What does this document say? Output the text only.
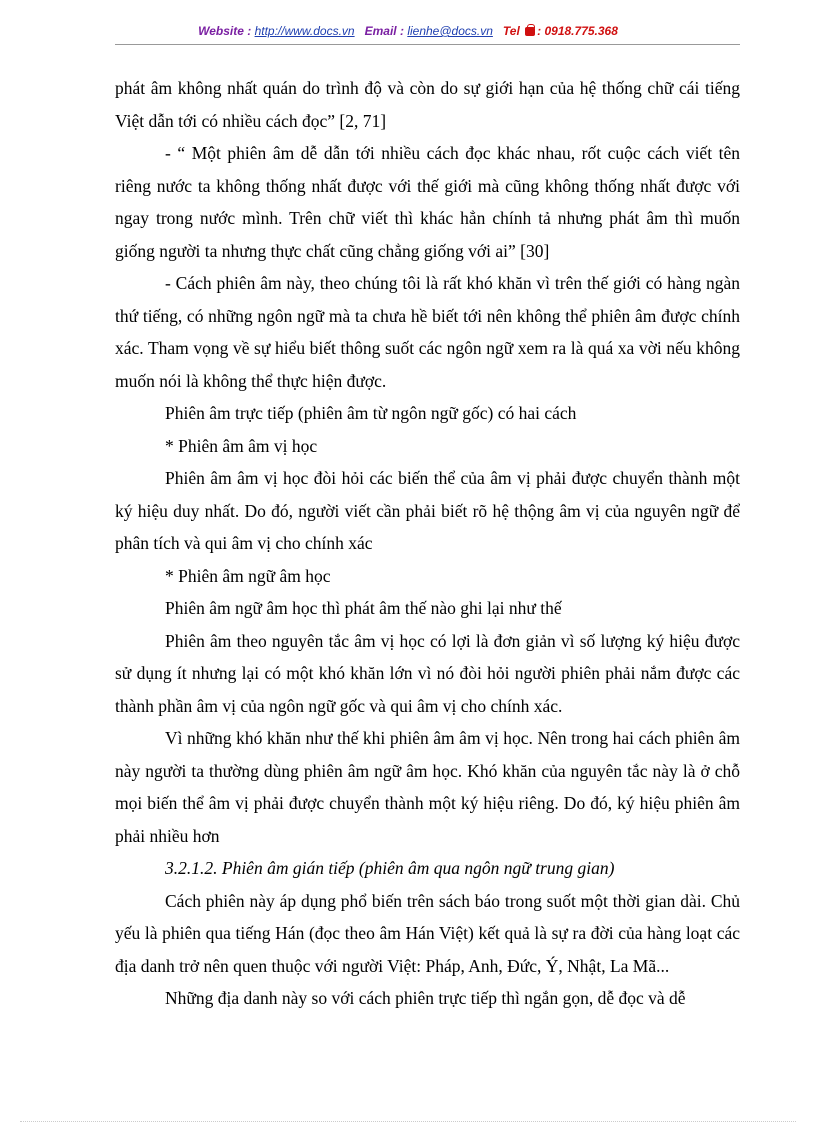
Website : http://www.docs.vn Email : lienhe@docs.vn Tel : 0918.775.368

phát âm không nhất quán do trình độ và còn do sự giới hạn của hệ thống chữ cái tiếng Việt dẫn tới có nhiều cách đọc” [2, 71]

- “ Một phiên âm dễ dẫn tới nhiều cách đọc khác nhau, rốt cuộc cách viết tên riêng nước ta không thống nhất được với thế giới mà cũng không thống nhất được với ngay trong nước mình. Trên chữ viết thì khác hẳn chính tả nhưng phát âm thì muốn giống người ta nhưng thực chất cũng chẳng giống với ai” [30]

- Cách phiên âm này, theo chúng tôi là rất khó khăn vì trên thế giới có hàng ngàn thứ tiếng, có những ngôn ngữ mà ta chưa hề biết tới nên không thể phiên âm được chính xác. Tham vọng về sự hiểu biết thông suốt các ngôn ngữ xem ra là quá xa vời nếu không muốn nói là không thể thực hiện được.

Phiên âm trực tiếp (phiên âm từ ngôn ngữ gốc) có hai cách

* Phiên âm âm vị học

Phiên âm âm vị học đòi hỏi các biến thể của âm vị phải được chuyển thành một ký hiệu duy nhất. Do đó, người viết cần phải biết rõ hệ thộng âm vị của nguyên ngữ để phân tích và qui âm vị cho chính xác

* Phiên âm ngữ âm học

Phiên âm ngữ âm học thì phát âm thế nào ghi lại như thế

Phiên âm theo nguyên tắc âm vị học có lợi là đơn giản vì số lượng ký hiệu được sử dụng ít nhưng lại có một khó khăn lớn vì nó đòi hỏi người phiên phải nắm được các thành phần âm vị của ngôn ngữ gốc và qui âm vị cho chính xác.

Vì những khó khăn như thế khi phiên âm âm vị học. Nên trong hai cách phiên âm này người ta thường dùng phiên âm ngữ âm học. Khó khăn của nguyên tắc này là ở chỗ mọi biến thể âm vị phải được chuyển thành một ký hiệu riêng. Do đó, ký hiệu phiên âm phải nhiều hơn

3.2.1.2. Phiên âm gián tiếp (phiên âm qua ngôn ngữ trung gian)

Cách phiên này áp dụng phổ biến trên sách báo trong suốt một thời gian dài. Chủ yếu là phiên qua tiếng Hán (đọc theo âm Hán Việt) kết quả là sự ra đời của hàng loạt các địa danh trở nên quen thuộc với người Việt: Pháp, Anh, Đức, Ý, Nhật, La Mã...

Những địa danh này so với cách phiên trực tiếp thì ngắn gọn, dễ đọc và dễ
